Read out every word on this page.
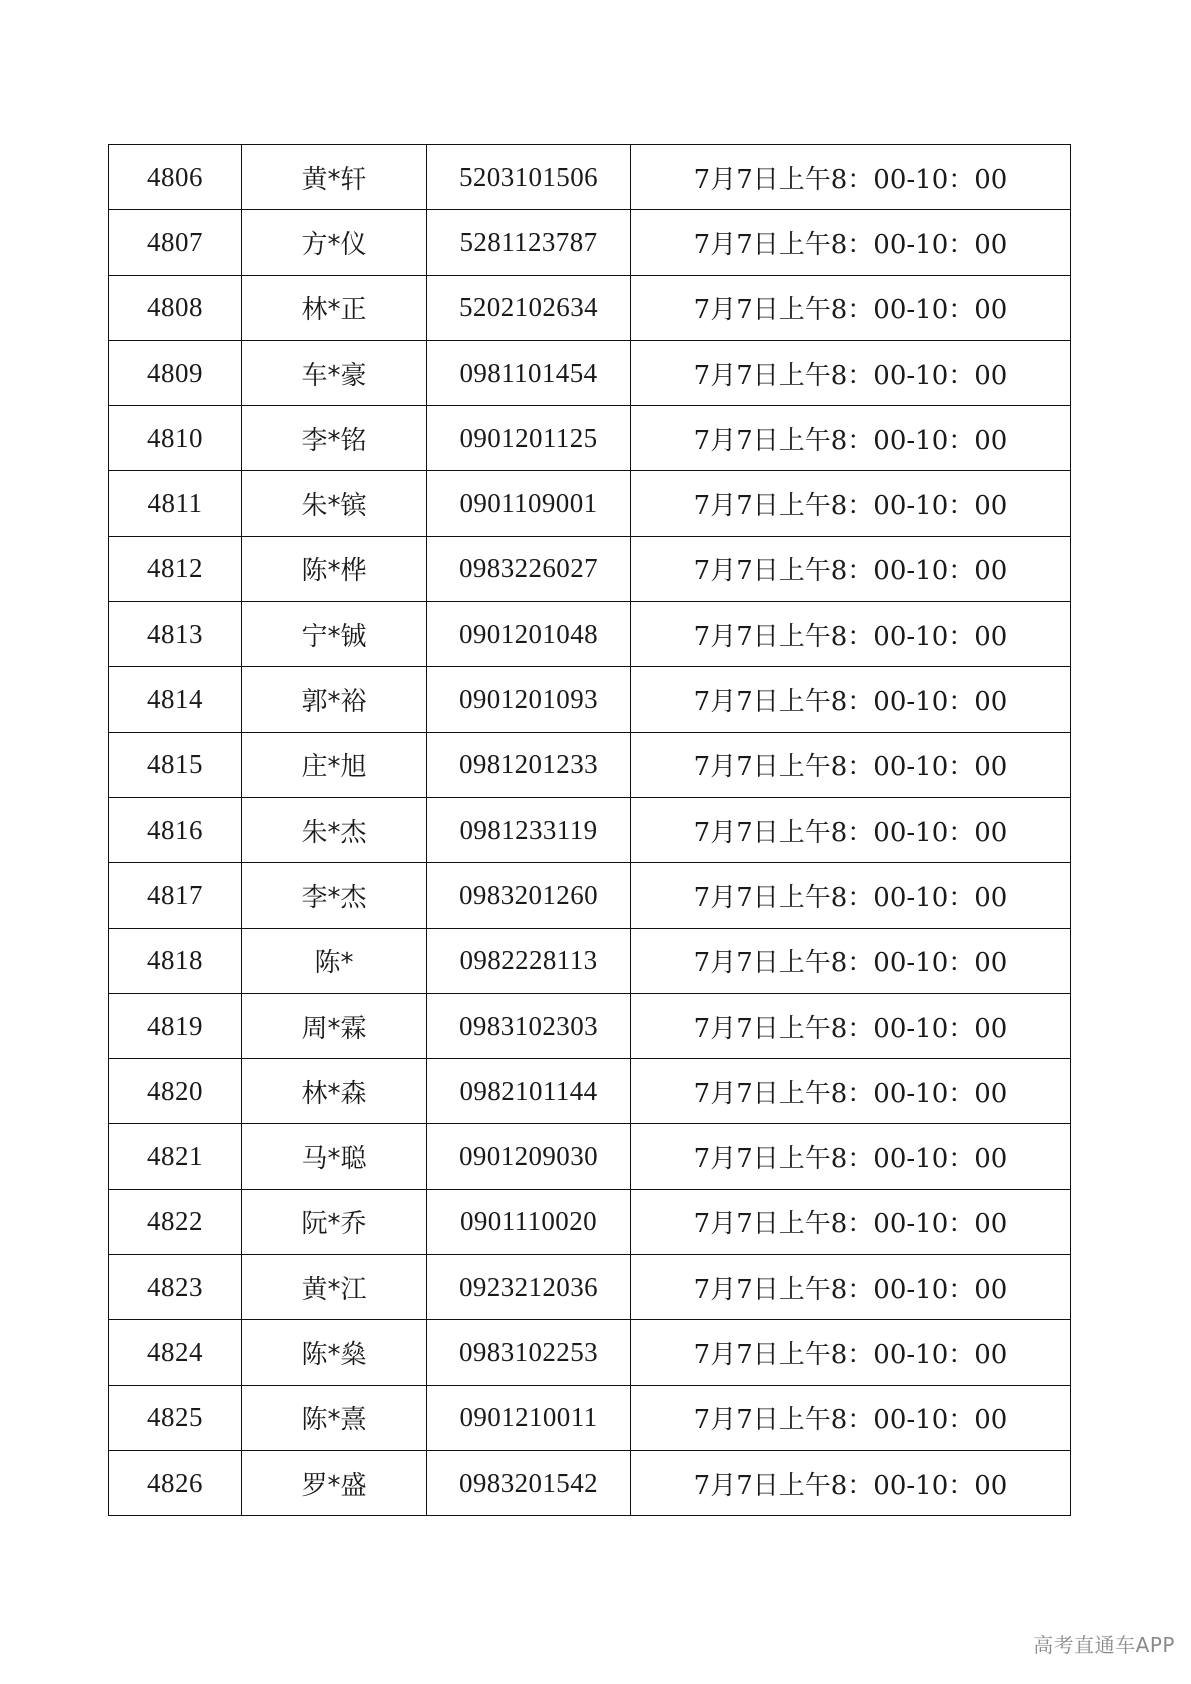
4806	黄*轩	5203101506	7月7日上午8：00-10：00
4807	方*仪	5281123787	7月7日上午8：00-10：00
4808	林*正	5202102634	7月7日上午8：00-10：00
4809	车*豪	0981101454	7月7日上午8：00-10：00
4810	李*铭	0901201125	7月7日上午8：00-10：00
4811	朱*镔	0901109001	7月7日上午8：00-10：00
4812	陈*桦	0983226027	7月7日上午8：00-10：00
4813	宁*铖	0901201048	7月7日上午8：00-10：00
4814	郭*裕	0901201093	7月7日上午8：00-10：00
4815	庄*旭	0981201233	7月7日上午8：00-10：00
4816	朱*杰	0981233119	7月7日上午8：00-10：00
4817	李*杰	0983201260	7月7日上午8：00-10：00
4818	陈*	0982228113	7月7日上午8：00-10：00
4819	周*霖	0983102303	7月7日上午8：00-10：00
4820	林*森	0982101144	7月7日上午8：00-10：00
4821	马*聪	0901209030	7月7日上午8：00-10：00
4822	阮*乔	0901110020	7月7日上午8：00-10：00
4823	黄*江	0923212036	7月7日上午8：00-10：00
4824	陈*燊	0983102253	7月7日上午8：00-10：00
4825	陈*熹	0901210011	7月7日上午8：00-10：00
4826	罗*盛	0983201542	7月7日上午8：00-10：00
高考直通车APP
